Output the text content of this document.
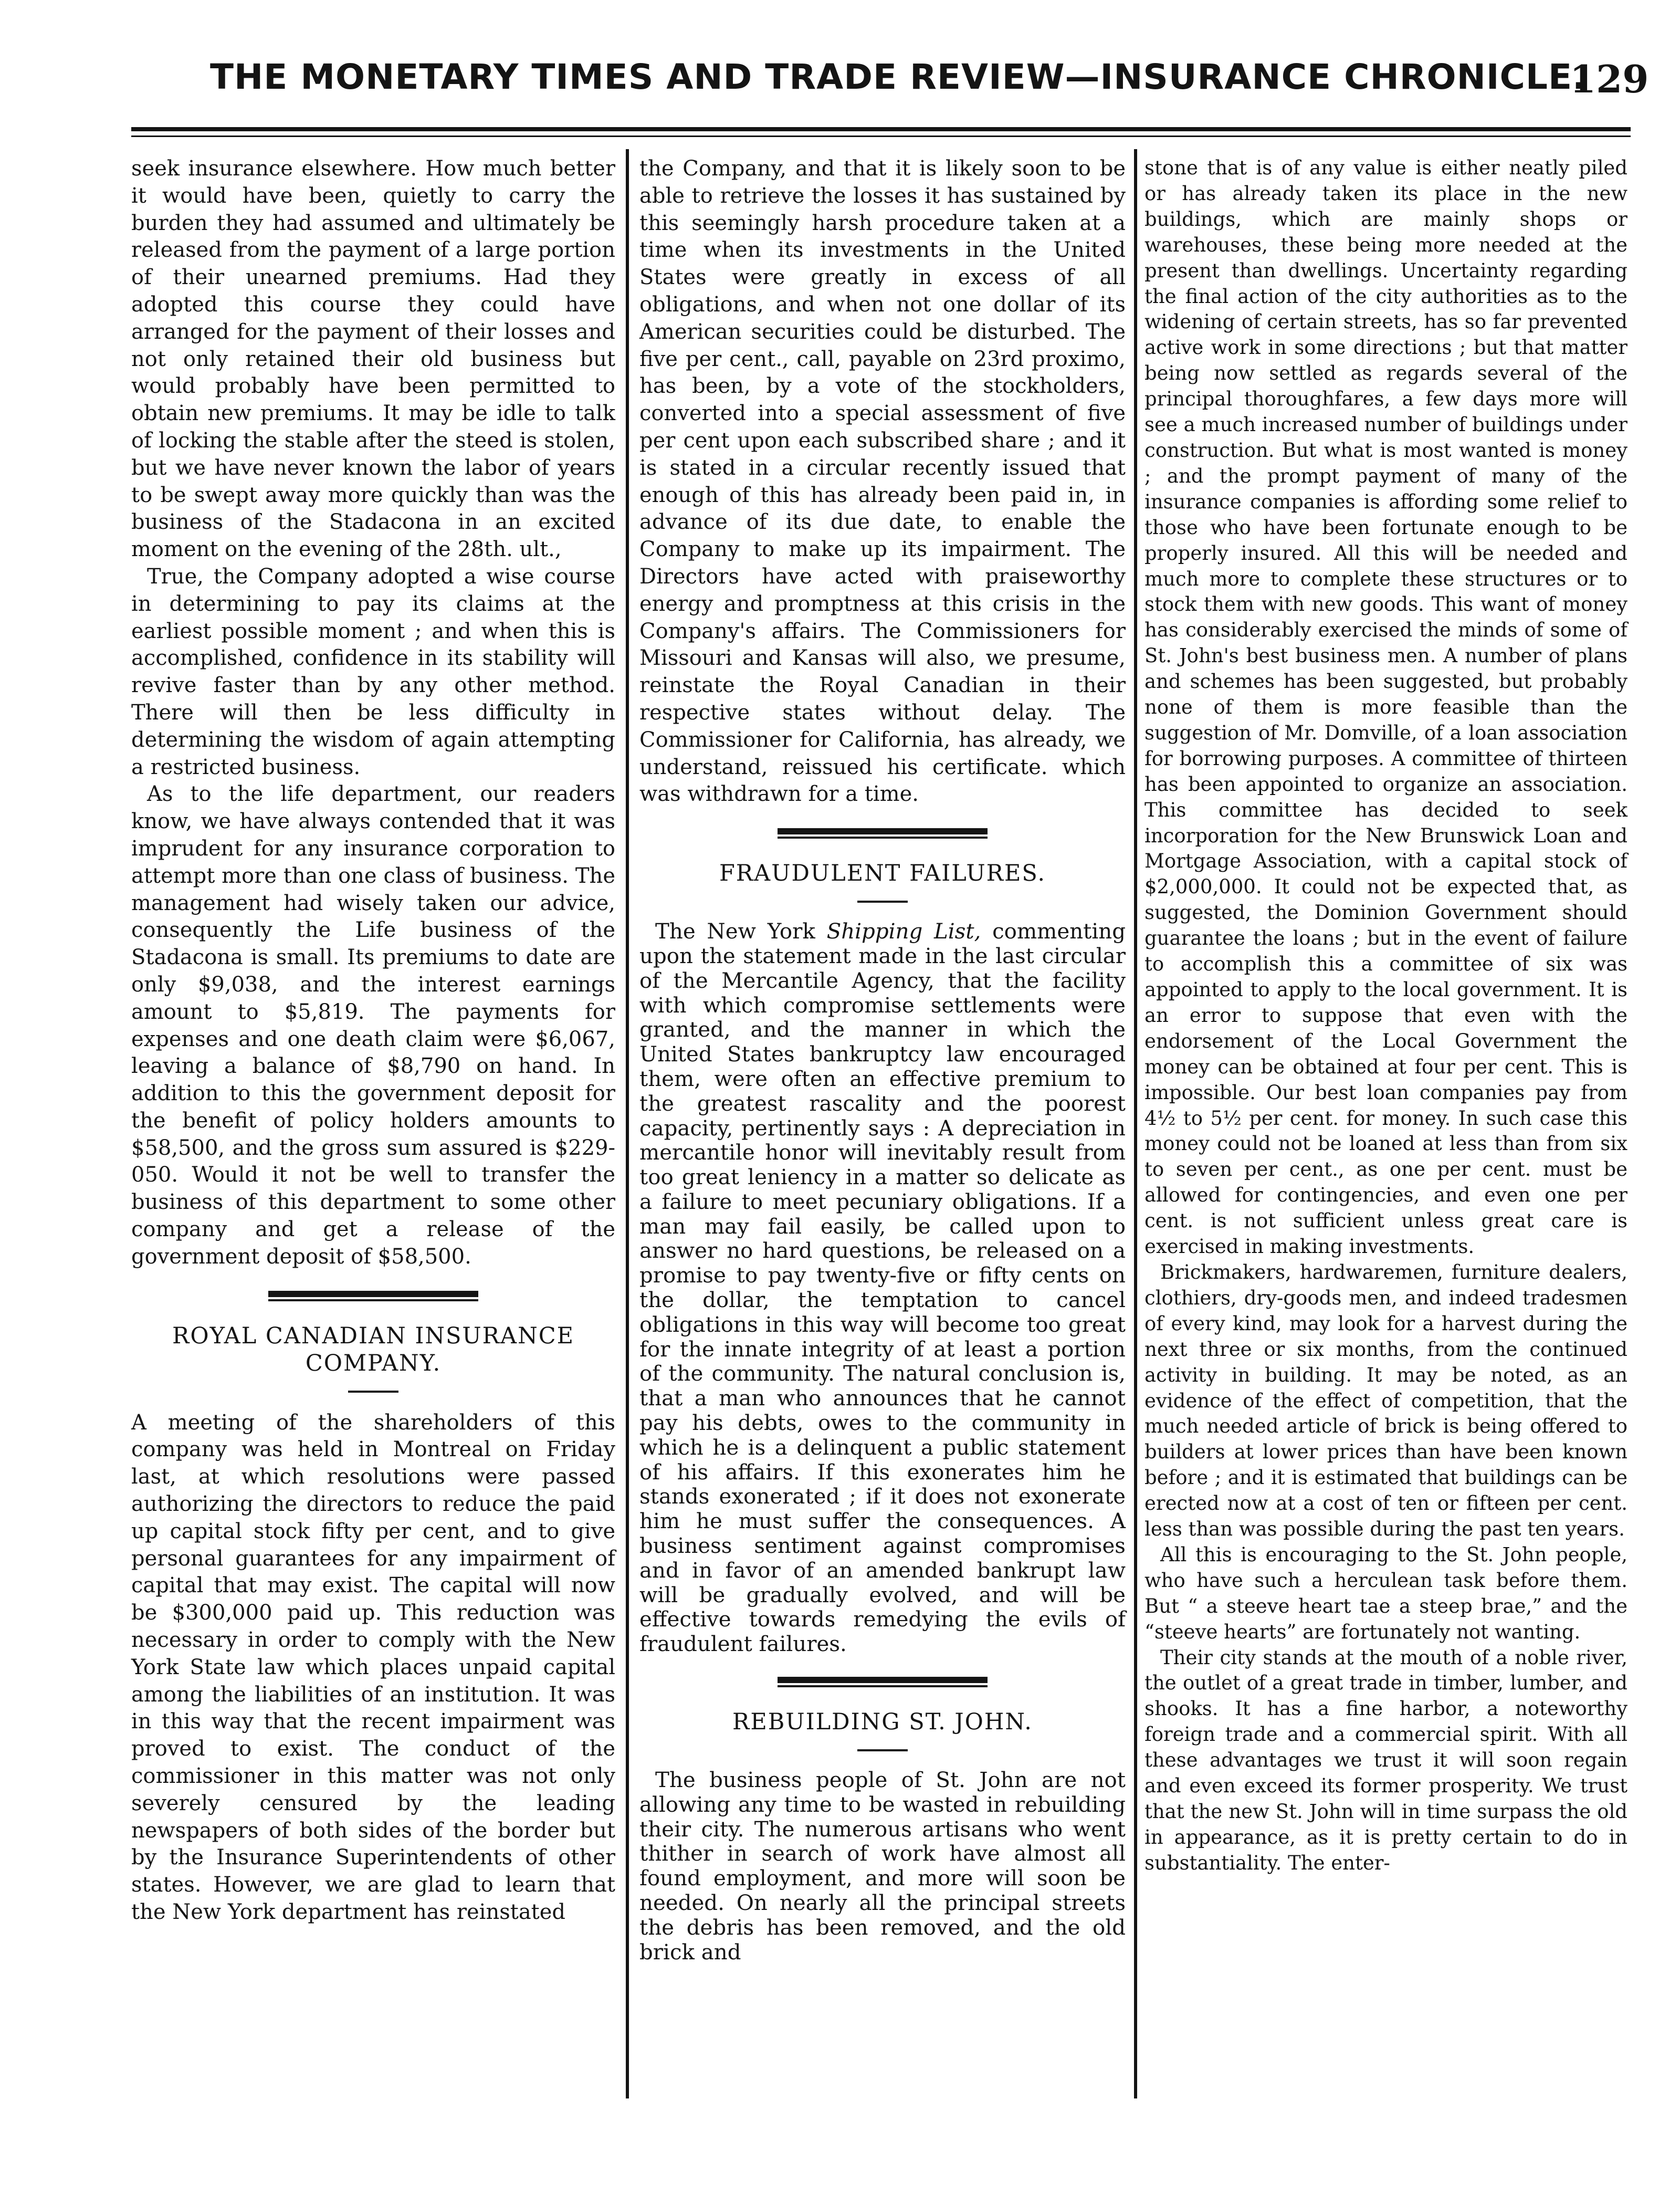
THE MONETARY TIMES AND TRADE REVIEW—INSURANCE CHRONICLE.
129

seek insurance elsewhere. How much better it would have been, quietly to carry the burden they had assumed and ultimately be released from the payment of a large portion of their unearned premiums. Had they adopted this course they could have arranged for the payment of their losses and not only retained their old business but would probably have been permitted to obtain new premiums. It may be idle to talk of locking the stable after the steed is stolen, but we have never known the labor of years to be swept away more quickly than was the business of the Stadacona in an excited moment on the evening of the 28th. ult.,

True, the Company adopted a wise course in determining to pay its claims at the earliest possible moment ; and when this is accomplished, confidence in its stability will revive faster than by any other method. There will then be less difficulty in determining the wisdom of again attempting a restricted business.

As to the life department, our readers know, we have always contended that it was imprudent for any insurance corporation to attempt more than one class of business. The management had wisely taken our advice, consequently the Life business of the Stadacona is small. Its premiums to date are only $9,038, and the interest earnings amount to $5,819. The payments for expenses and one death claim were $6,067, leaving a balance of $8,790 on hand. In addition to this the government deposit for the benefit of policy holders amounts to $58,500, and the gross sum assured is $229-050. Would it not be well to transfer the business of this department to some other company and get a release of the government deposit of $58,500.

ROYAL CANADIAN INSURANCE COMPANY.

A meeting of the shareholders of this company was held in Montreal on Friday last, at which resolutions were passed authorizing the directors to reduce the paid up capital stock fifty per cent, and to give personal guarantees for any impairment of capital that may exist. The capital will now be $300,000 paid up. This reduction was necessary in order to comply with the New York State law which places unpaid capital among the liabilities of an institution. It was in this way that the recent impairment was proved to exist. The conduct of the commissioner in this matter was not only severely censured by the leading newspapers of both sides of the border but by the Insurance Superintendents of other states. However, we are glad to learn that the New York department has reinstated

the Company, and that it is likely soon to be able to retrieve the losses it has sustained by this seemingly harsh procedure taken at a time when its investments in the United States were greatly in excess of all obligations, and when not one dollar of its American securities could be disturbed. The five per cent., call, payable on 23rd proximo, has been, by a vote of the stockholders, converted into a special assessment of five per cent upon each subscribed share ; and it is stated in a circular recently issued that enough of this has already been paid in, in advance of its due date, to enable the Company to make up its impairment. The Directors have acted with praiseworthy energy and promptness at this crisis in the Company's affairs. The Commissioners for Missouri and Kansas will also, we presume, reinstate the Royal Canadian in their respective states without delay. The Commissioner for California, has already, we understand, reissued his certificate. which was withdrawn for a time.

FRAUDULENT FAILURES.

The New York Shipping List, commenting upon the statement made in the last circular of the Mercantile Agency, that the facility with which compromise settlements were granted, and the manner in which the United States bankruptcy law encouraged them, were often an effective premium to the greatest rascality and the poorest capacity, pertinently says : A depreciation in mercantile honor will inevitably result from too great leniency in a matter so delicate as a failure to meet pecuniary obligations. If a man may fail easily, be called upon to answer no hard questions, be released on a promise to pay twenty-five or fifty cents on the dollar, the temptation to cancel obligations in this way will become too great for the innate integrity of at least a portion of the community. The natural conclusion is, that a man who announces that he cannot pay his debts, owes to the community in which he is a delinquent a public statement of his affairs. If this exonerates him he stands exonerated ; if it does not exonerate him he must suffer the consequences. A business sentiment against compromises and in favor of an amended bankrupt law will be gradually evolved, and will be effective towards remedying the evils of fraudulent failures.

REBUILDING ST. JOHN.

The business people of St. John are not allowing any time to be wasted in rebuilding their city. The numerous artisans who went thither in search of work have almost all found employment, and more will soon be needed. On nearly all the principal streets the debris has been removed, and the old brick and

stone that is of any value is either neatly piled or has already taken its place in the new buildings, which are mainly shops or warehouses, these being more needed at the present than dwellings. Uncertainty regarding the final action of the city authorities as to the widening of certain streets, has so far prevented active work in some directions ; but that matter being now settled as regards several of the principal thoroughfares, a few days more will see a much increased number of buildings under construction. But what is most wanted is money ; and the prompt payment of many of the insurance companies is affording some relief to those who have been fortunate enough to be properly insured. All this will be needed and much more to complete these structures or to stock them with new goods. This want of money has considerably exercised the minds of some of St. John's best business men. A number of plans and schemes has been suggested, but probably none of them is more feasible than the suggestion of Mr. Domville, of a loan association for borrowing purposes. A committee of thirteen has been appointed to organize an association. This committee has decided to seek incorporation for the New Brunswick Loan and Mortgage Association, with a capital stock of $2,000,000. It could not be expected that, as suggested, the Dominion Government should guarantee the loans ; but in the event of failure to accomplish this a committee of six was appointed to apply to the local government. It is an error to suppose that even with the endorsement of the Local Government the money can be obtained at four per cent. This is impossible. Our best loan companies pay from 4½ to 5½ per cent. for money. In such case this money could not be loaned at less than from six to seven per cent., as one per cent. must be allowed for contingencies, and even one per cent. is not sufficient unless great care is exercised in making investments.

Brickmakers, hardwaremen, furniture dealers, clothiers, dry-goods men, and indeed tradesmen of every kind, may look for a harvest during the next three or six months, from the continued activity in building. It may be noted, as an evidence of the effect of competition, that the much needed article of brick is being offered to builders at lower prices than have been known before ; and it is estimated that buildings can be erected now at a cost of ten or fifteen per cent. less than was possible during the past ten years.

All this is encouraging to the St. John people, who have such a herculean task before them. But “ a steeve heart tae a steep brae,” and the “steeve hearts” are fortunately not wanting.

Their city stands at the mouth of a noble river, the outlet of a great trade in timber, lumber, and shooks. It has a fine harbor, a noteworthy foreign trade and a commercial spirit. With all these advantages we trust it will soon regain and even exceed its former prosperity. We trust that the new St. John will in time surpass the old in appearance, as it is pretty certain to do in substantiality. The enter-
